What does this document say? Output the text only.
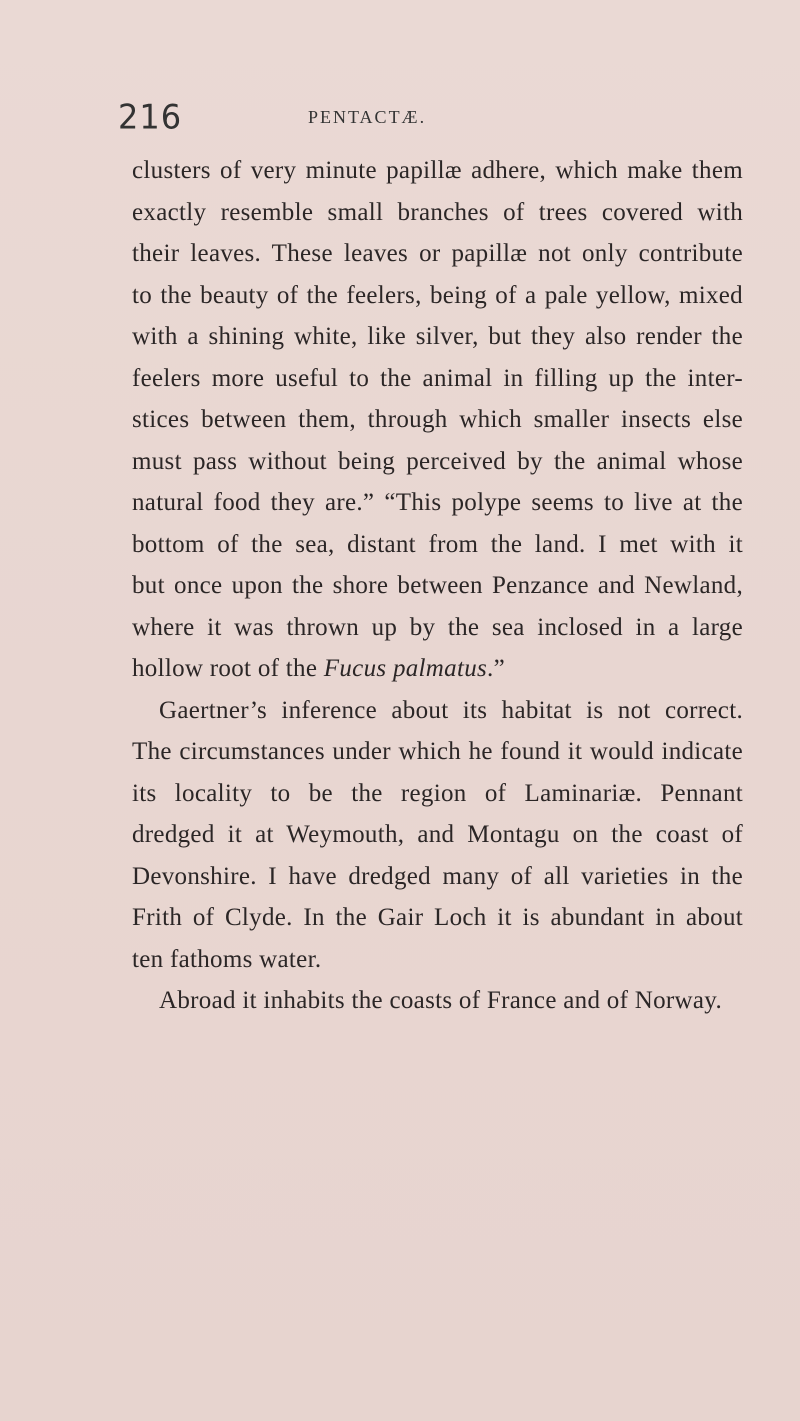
216	PENTACTÆ.
clusters of very minute papillæ adhere, which make them
exactly resemble small branches of trees covered with
their leaves. These leaves or papillæ not only contribute
to the beauty of the feelers, being of a pale yellow, mixed
with a shining white, like silver, but they also render the
feelers more useful to the animal in filling up the inter-
stices between them, through which smaller insects else
must pass without being perceived by the animal whose
natural food they are.” “This polype seems to live at the
bottom of the sea, distant from the land. I met with it
but once upon the shore between Penzance and Newland,
where it was thrown up by the sea inclosed in a large
hollow root of the Fucus palmatus.”
Gaertner’s inference about its habitat is not correct.
The circumstances under which he found it would indicate
its locality to be the region of Laminariæ. Pennant
dredged it at Weymouth, and Montagu on the coast of
Devonshire. I have dredged many of all varieties in the
Frith of Clyde. In the Gair Loch it is abundant in about
ten fathoms water.
Abroad it inhabits the coasts of France and of Norway.
